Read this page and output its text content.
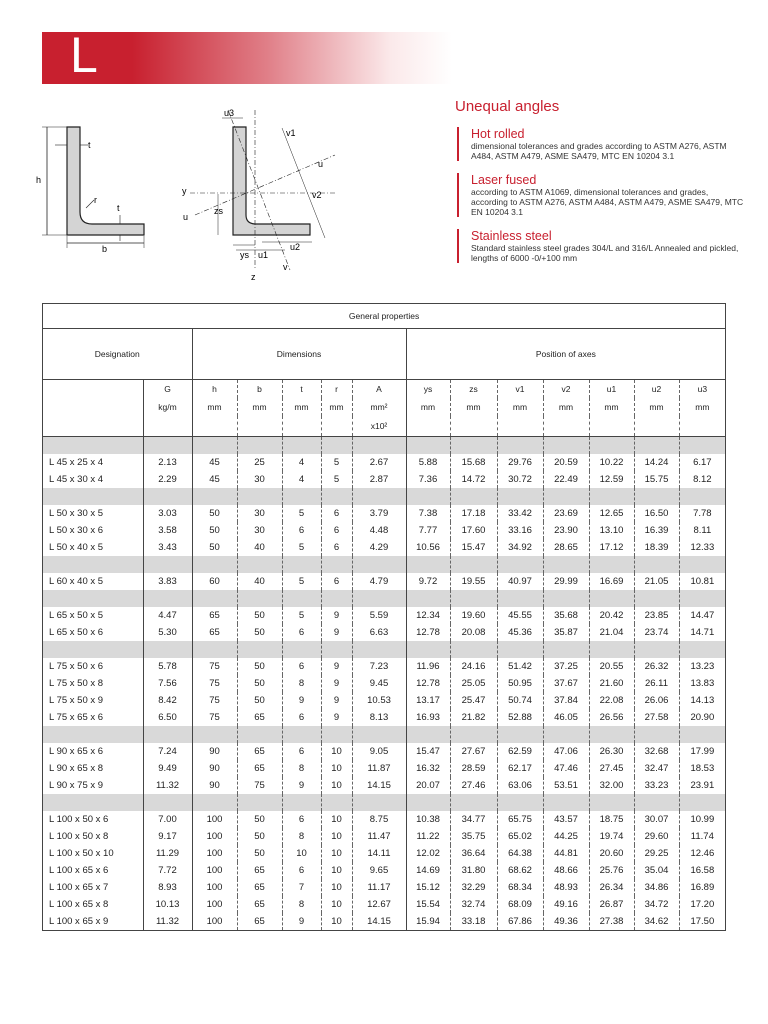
L
h
t
r
t
b
u3
v1
u
v2
y
zs
u
ys u1
u2
z
v
Unequal angles
Hot rolled
dimensional tolerances and grades according to ASTM A276, ASTM A484, ASTM A479, ASME SA479, MTC EN 10204 3.1
Laser fused
according to ASTM A1069, dimensional tolerances and grades, according to ASTM A276, ASTM A484, ASTM A479, ASME SA479, MTC EN 10204 3.1
Stainless steel
Standard stainless steel grades 304/L and 316/L Annealed and pickled, lengths of 6000 -0/+100 mm
General properties													
Designation		Dimensions					Position of axes						
	G	h	b	t	r	A	ys	zs	v1	v2	u1	u2	u3
	kg/m	mm	mm	mm	mm	mm²	mm	mm	mm	mm	mm	mm	mm
						x10²							

L 45 x 25 x 4	2.13	45	25	4	5	2.67	5.88	15.68	29.76	20.59	10.22	14.24	6.17
L 45 x 30 x 4	2.29	45	30	4	5	2.87	7.36	14.72	30.72	22.49	12.59	15.75	8.12

L 50 x 30 x 5	3.03	50	30	5	6	3.79	7.38	17.18	33.42	23.69	12.65	16.50	7.78
L 50 x 30 x 6	3.58	50	30	6	6	4.48	7.77	17.60	33.16	23.90	13.10	16.39	8.11
L 50 x 40 x 5	3.43	50	40	5	6	4.29	10.56	15.47	34.92	28.65	17.12	18.39	12.33

L 60 x 40 x 5	3.83	60	40	5	6	4.79	9.72	19.55	40.97	29.99	16.69	21.05	10.81

L 65 x 50 x 5	4.47	65	50	5	9	5.59	12.34	19.60	45.55	35.68	20.42	23.85	14.47
L 65 x 50 x 6	5.30	65	50	6	9	6.63	12.78	20.08	45.36	35.87	21.04	23.74	14.71

L 75 x 50 x 6	5.78	75	50	6	9	7.23	11.96	24.16	51.42	37.25	20.55	26.32	13.23
L 75 x 50 x 8	7.56	75	50	8	9	9.45	12.78	25.05	50.95	37.67	21.60	26.11	13.83
L 75 x 50 x 9	8.42	75	50	9	9	10.53	13.17	25.47	50.74	37.84	22.08	26.06	14.13
L 75 x 65 x 6	6.50	75	65	6	9	8.13	16.93	21.82	52.88	46.05	26.56	27.58	20.90

L 90 x 65 x 6	7.24	90	65	6	10	9.05	15.47	27.67	62.59	47.06	26.30	32.68	17.99
L 90 x 65 x 8	9.49	90	65	8	10	11.87	16.32	28.59	62.17	47.46	27.45	32.47	18.53
L 90 x 75 x 9	11.32	90	75	9	10	14.15	20.07	27.46	63.06	53.51	32.00	33.23	23.91

L 100 x 50 x 6	7.00	100	50	6	10	8.75	10.38	34.77	65.75	43.57	18.75	30.07	10.99
L 100 x 50 x 8	9.17	100	50	8	10	11.47	11.22	35.75	65.02	44.25	19.74	29.60	11.74
L 100 x 50 x 10	11.29	100	50	10	10	14.11	12.02	36.64	64.38	44.81	20.60	29.25	12.46
L 100 x 65 x 6	7.72	100	65	6	10	9.65	14.69	31.80	68.62	48.66	25.76	35.04	16.58
L 100 x 65 x 7	8.93	100	65	7	10	11.17	15.12	32.29	68.34	48.93	26.34	34.86	16.89
L 100 x 65 x 8	10.13	100	65	8	10	12.67	15.54	32.74	68.09	49.16	26.87	34.72	17.20
L 100 x 65 x 9	11.32	100	65	9	10	14.15	15.94	33.18	67.86	49.36	27.38	34.62	17.50
